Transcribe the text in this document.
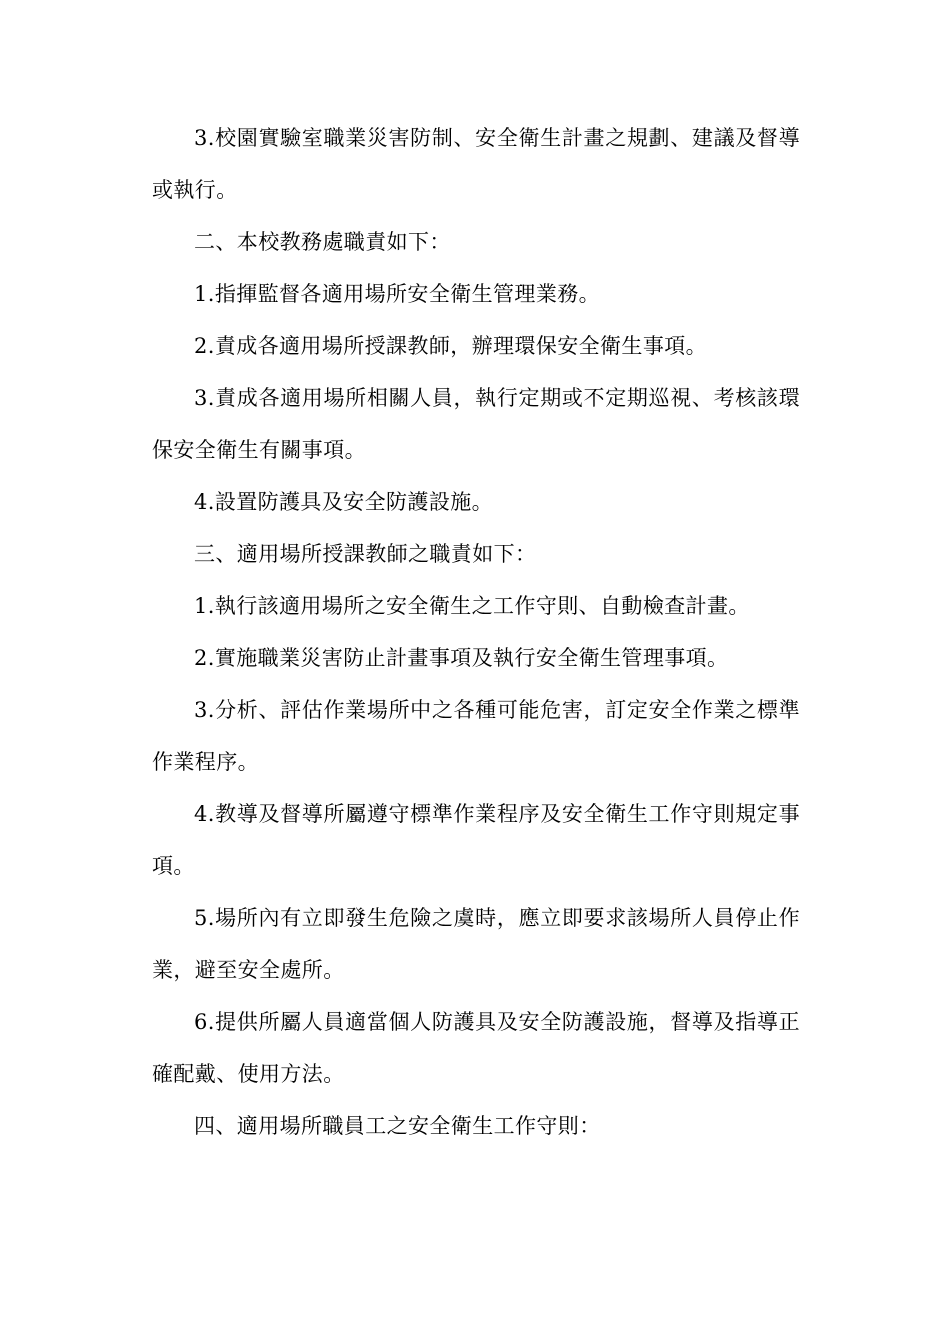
3.校園實驗室職業災害防制、安全衛生計畫之規劃、建議及督導或執行。

二、本校教務處職責如下：

1.指揮監督各適用場所安全衛生管理業務。

2.責成各適用場所授課教師，辦理環保安全衛生事項。

3.責成各適用場所相關人員，執行定期或不定期巡視、考核該環保安全衛生有關事項。

4.設置防護具及安全防護設施。

三、適用場所授課教師之職責如下：

1.執行該適用場所之安全衛生之工作守則、自動檢查計畫。

2.實施職業災害防止計畫事項及執行安全衛生管理事項。

3.分析、評估作業場所中之各種可能危害，訂定安全作業之標準作業程序。

4.教導及督導所屬遵守標準作業程序及安全衛生工作守則規定事項。

5.場所內有立即發生危險之虞時，應立即要求該場所人員停止作業，避至安全處所。

6.提供所屬人員適當個人防護具及安全防護設施，督導及指導正確配戴、使用方法。

四、適用場所職員工之安全衛生工作守則：
